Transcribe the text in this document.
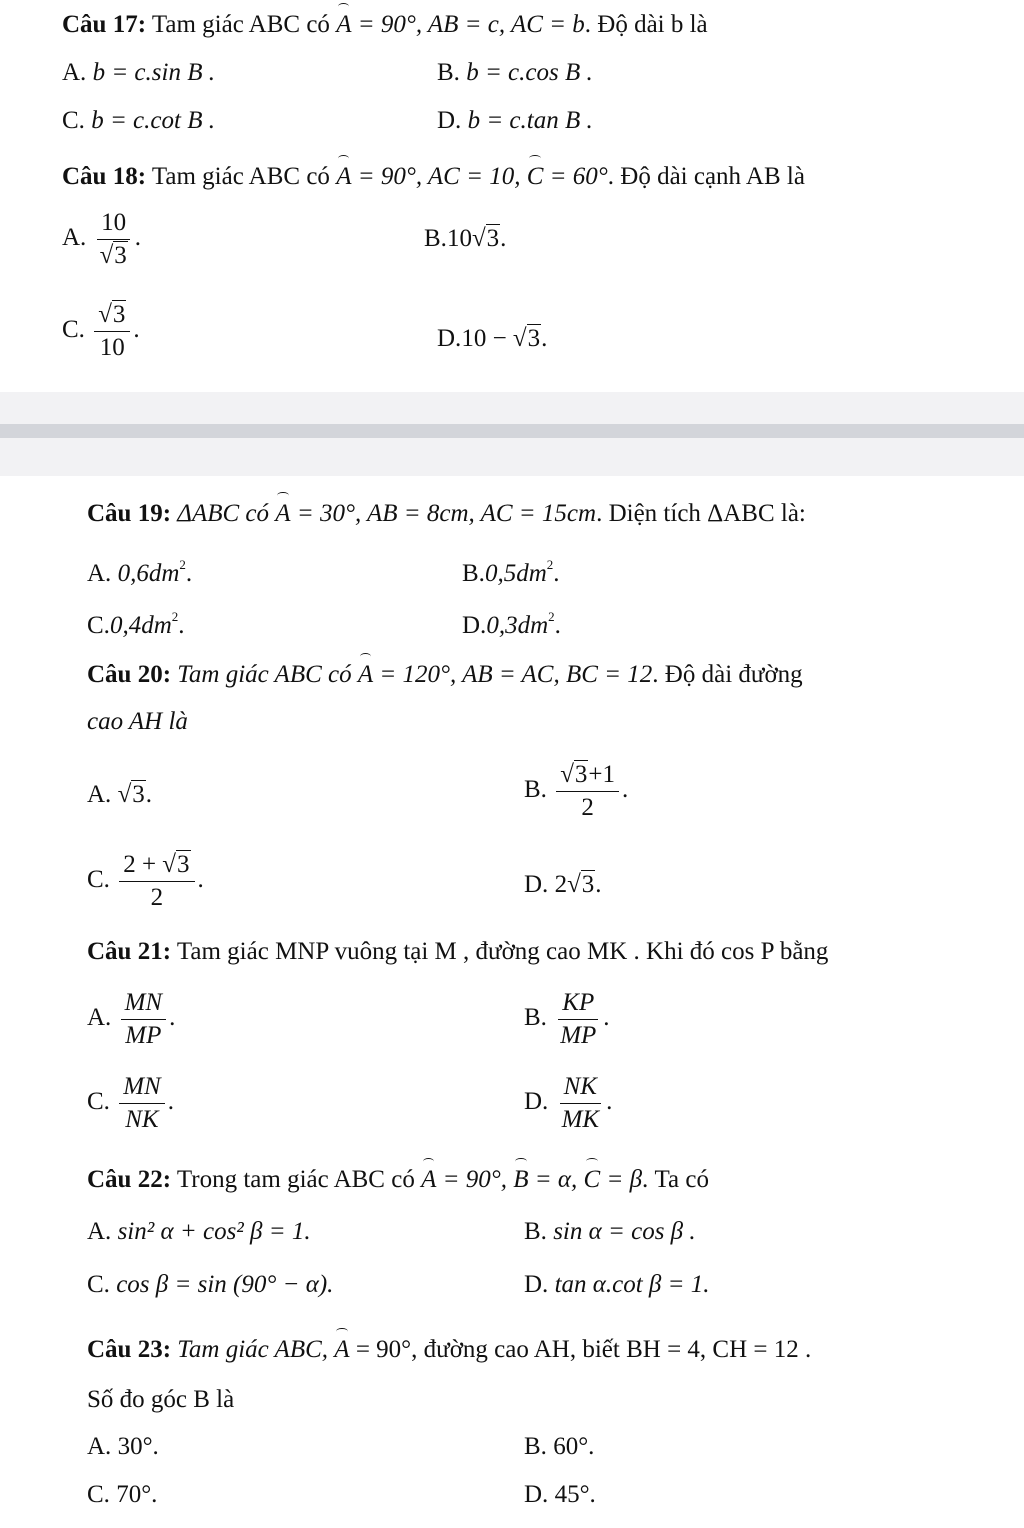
Câu 17: Tam giác ABC có A = 90°, AB = c, AC = b. Độ dài b là
A. b = c.sin B .	B. b = c.cos B .
C. b = c.cot B .	D. b = c.tan B .
Câu 18: Tam giác ABC có A = 90°, AC = 10, C = 60°. Độ dài cạnh AB là
A. $\frac{10}{√3}$ .	B.10√3.
C. $\frac{√3}{10}$ .	D.10 − √3.
Câu 19: ΔABC có A = 30°, AB = 8cm, AC = 15cm. Diện tích ΔABC là:
A. $0,6dm^2$.	$B.0,5dm^2$.
$C.0,4dm^2$.	$D.0,3dm^2$.
Câu 20: Tam giác ABC có A = 120°, AB = AC, BC = 12. Độ dài đường
cao AH là
A. √3.	B. $\frac{√3+1}{2}$ .
C. $\frac{2 + √3}{2}$ .	D. 2√3.
Câu 21: Tam giác MNP vuông tại M , đường cao MK . Khi đó cos P bằng
A. $\frac{MN}{MP}$ .	B. $\frac{KP}{MP}$ .
C. $\frac{MN}{NK}$ .	D. $\frac{NK}{MK}$ .
Câu 22: Trong tam giác ABC có A = 90°, B = α, C = β. Ta có
A. sin² α + cos² β = 1.	B. sin α = cos β .
C. cos β = sin (90° − α).	D. tan α.cot β = 1.
Câu 23: Tam giác ABC, A = 90°, đường cao AH, biết BH = 4, CH = 12 .
Số đo góc B là
A. 30°.	B. 60°.
C. 70°.	D. 45°.
